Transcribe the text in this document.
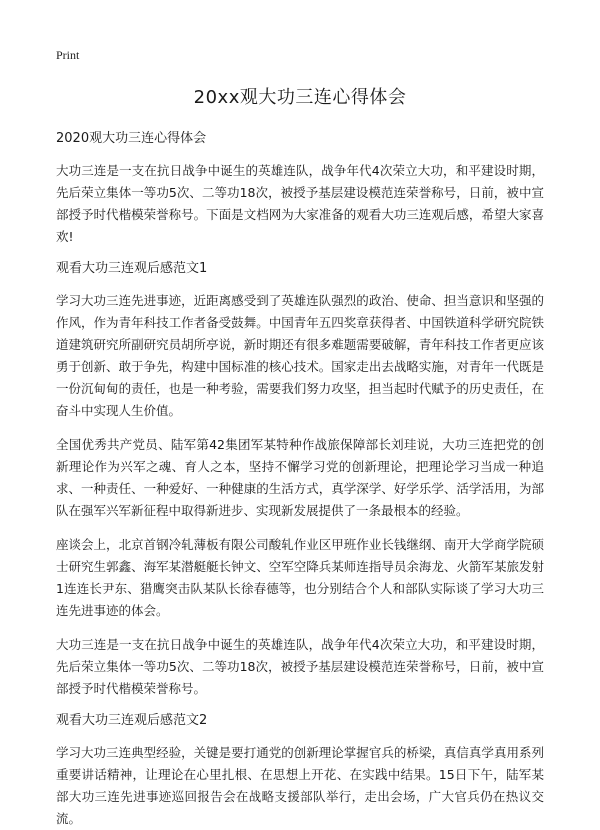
Print
20xx观大功三连心得体会
2020观大功三连心得体会

大功三连是一支在抗日战争中诞生的英雄连队，战争年代4次荣立大功，和平建设时期，先后荣立集体一等功5次、二等功18次，被授予基层建设模范连荣誉称号，日前，被中宣部授予时代楷模荣誉称号。下面是文档网为大家准备的观看大功三连观后感，希望大家喜欢!

观看大功三连观后感范文1

学习大功三连先进事迹，近距离感受到了英雄连队强烈的政治、使命、担当意识和坚强的作风，作为青年科技工作者备受鼓舞。中国青年五四奖章获得者、中国铁道科学研究院铁道建筑研究所副研究员胡所亭说，新时期还有很多难题需要破解，青年科技工作者更应该勇于创新、敢于争先，构建中国标准的核心技术。国家走出去战略实施，对青年一代既是一份沉甸甸的责任，也是一种考验，需要我们努力攻坚，担当起时代赋予的历史责任，在奋斗中实现人生价值。

全国优秀共产党员、陆军第42集团军某特种作战旅保障部长刘珪说，大功三连把党的创新理论作为兴军之魂、育人之本，坚持不懈学习党的创新理论，把理论学习当成一种追求、一种责任、一种爱好、一种健康的生活方式，真学深学、好学乐学、活学活用，为部队在强军兴军新征程中取得新进步、实现新发展提供了一条最根本的经验。

座谈会上，北京首钢冷轧薄板有限公司酸轧作业区甲班作业长钱继纲、南开大学商学院硕士研究生郭鑫、海军某潜艇艇长钟文、空军空降兵某师连指导员余海龙、火箭军某旅发射1连连长尹东、猎鹰突击队某队长徐春德等，也分别结合个人和部队实际谈了学习大功三连先进事迹的体会。

大功三连是一支在抗日战争中诞生的英雄连队，战争年代4次荣立大功，和平建设时期，先后荣立集体一等功5次、二等功18次，被授予基层建设模范连荣誉称号，日前，被中宣部授予时代楷模荣誉称号。

观看大功三连观后感范文2

学习大功三连典型经验，关键是要打通党的创新理论掌握官兵的桥梁，真信真学真用系列重要讲话精神，让理论在心里扎根、在思想上开花、在实践中结果。15日下午，陆军某部大功三连先进事迹巡回报告会在战略支援部队举行，走出会场，广大官兵仍在热议交流。
